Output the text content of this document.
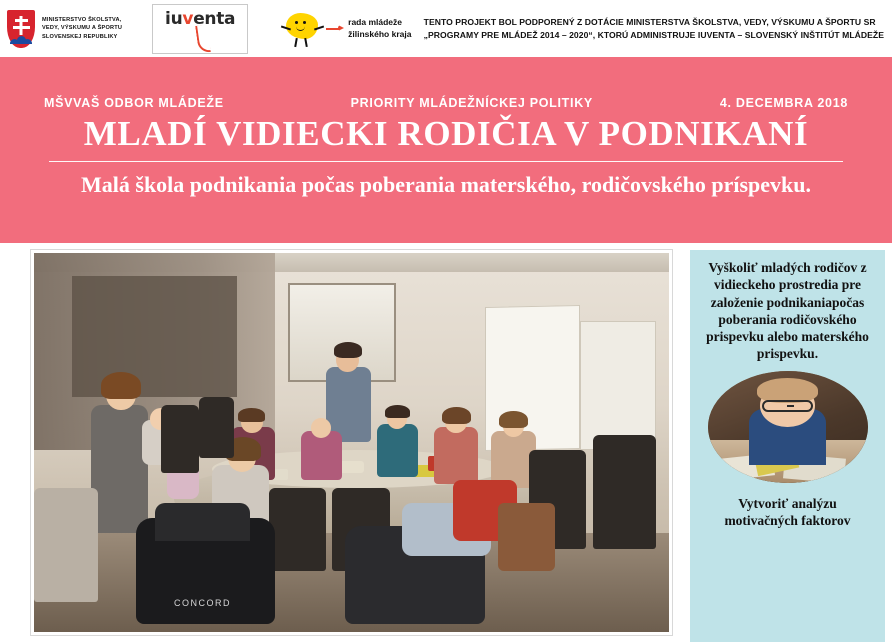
MINISTERSTVO ŠKOLSTVA,
VEDY, VÝSKUMU A ŠPORTU
SLOVENSKEJ REPUBLIKY
iuventa	rada mládeže
žilinského kraja
TENTO PROJEKT BOL PODPORENÝ Z DOTÁCIE MINISTERSTVA ŠKOLSTVA, VEDY, VÝSKUMU A ŠPORTU SR
„PROGRAMY PRE MLÁDEŽ 2014 – 2020“, KTORÚ ADMINISTRUJE IUVENTA – SLOVENSKÝ INŠTITÚT MLÁDEŽE
MŠVVAŠ ODBOR MLÁDEŽE	PRIORITY MLÁDEŽNÍCKEJ POLITIKY	4. DECEMBRA 2018
MLADÍ VIDIECKI RODIČIA V PODNIKANÍ
Malá škola podnikania počas poberania materského, rodičovského príspevku.
CONCORD
Vyškoliť mladých rodičov z vidieckeho prostredia pre založenie podnikaniapočas poberania rodičovského prispevku alebo materského prispevku.
Vytvoriť analýzu motivačných faktorov
